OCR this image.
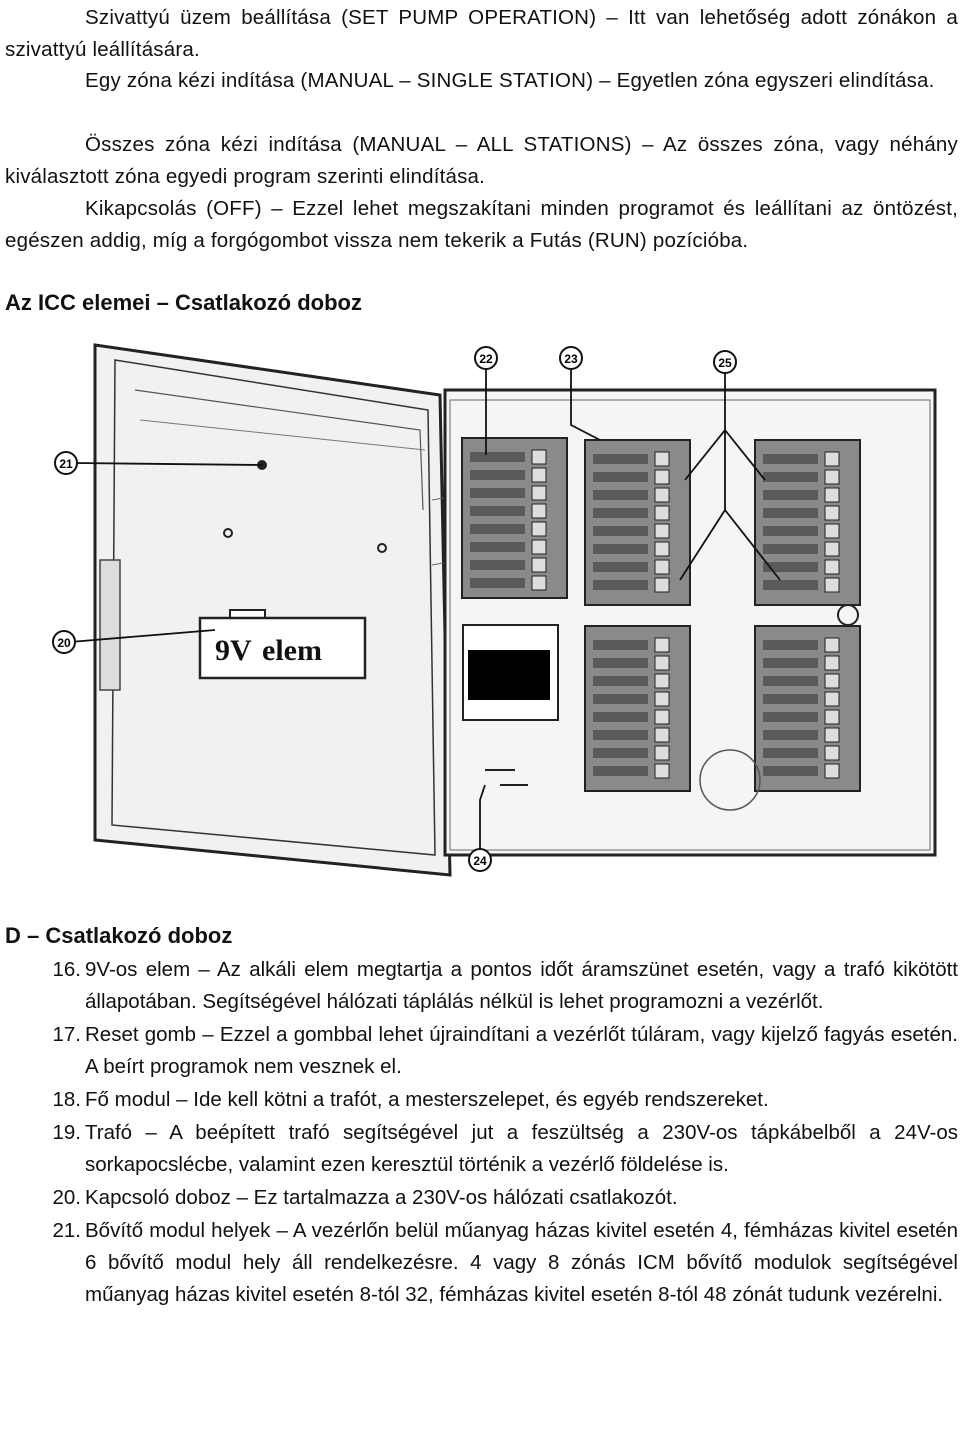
Szivattyú üzem beállítása (SET PUMP OPERATION) – Itt van lehetőség adott zónákon a szivattyú leállítására.
Egy zóna kézi indítása (MANUAL – SINGLE STATION) – Egyetlen zóna egyszeri elindítása.
Összes zóna kézi indítása (MANUAL – ALL STATIONS) – Az összes zóna, vagy néhány kiválasztott zóna egyedi program szerinti elindítása.
Kikapcsolás (OFF) – Ezzel lehet megszakítani minden programot és leállítani az öntözést, egészen addig, míg a forgógombot vissza nem tekerik a Futás (RUN) pozícióba.
Az ICC elemei – Csatlakozó doboz
9V elem
20
21
22	23
24
25
D – Csatlakozó doboz
16. 9V-os elem – Az alkáli elem megtartja a pontos időt áramszünet esetén, vagy a trafó kikötött állapotában. Segítségével hálózati táplálás nélkül is lehet programozni a vezérlőt.
17. Reset gomb – Ezzel a gombbal lehet újraindítani a vezérlőt túláram, vagy kijelző fagyás esetén. A beírt programok nem vesznek el.
18. Fő modul – Ide kell kötni a trafót, a mesterszelepet, és egyéb rendszereket.
19. Trafó – A beépített trafó segítségével jut a feszültség a 230V-os tápkábelből a 24V-os sorkapocslécbe, valamint ezen keresztül történik a vezérlő földelése is.
20. Kapcsoló doboz – Ez tartalmazza a 230V-os hálózati csatlakozót.
21. Bővítő modul helyek – A vezérlőn belül műanyag házas kivitel esetén 4, fémházas kivitel esetén 6 bővítő modul hely áll rendelkezésre. 4 vagy 8 zónás ICM bővítő modulok segítségével műanyag házas kivitel esetén 8-tól 32, fémházas kivitel esetén 8-tól 48 zónát tudunk vezérelni.
